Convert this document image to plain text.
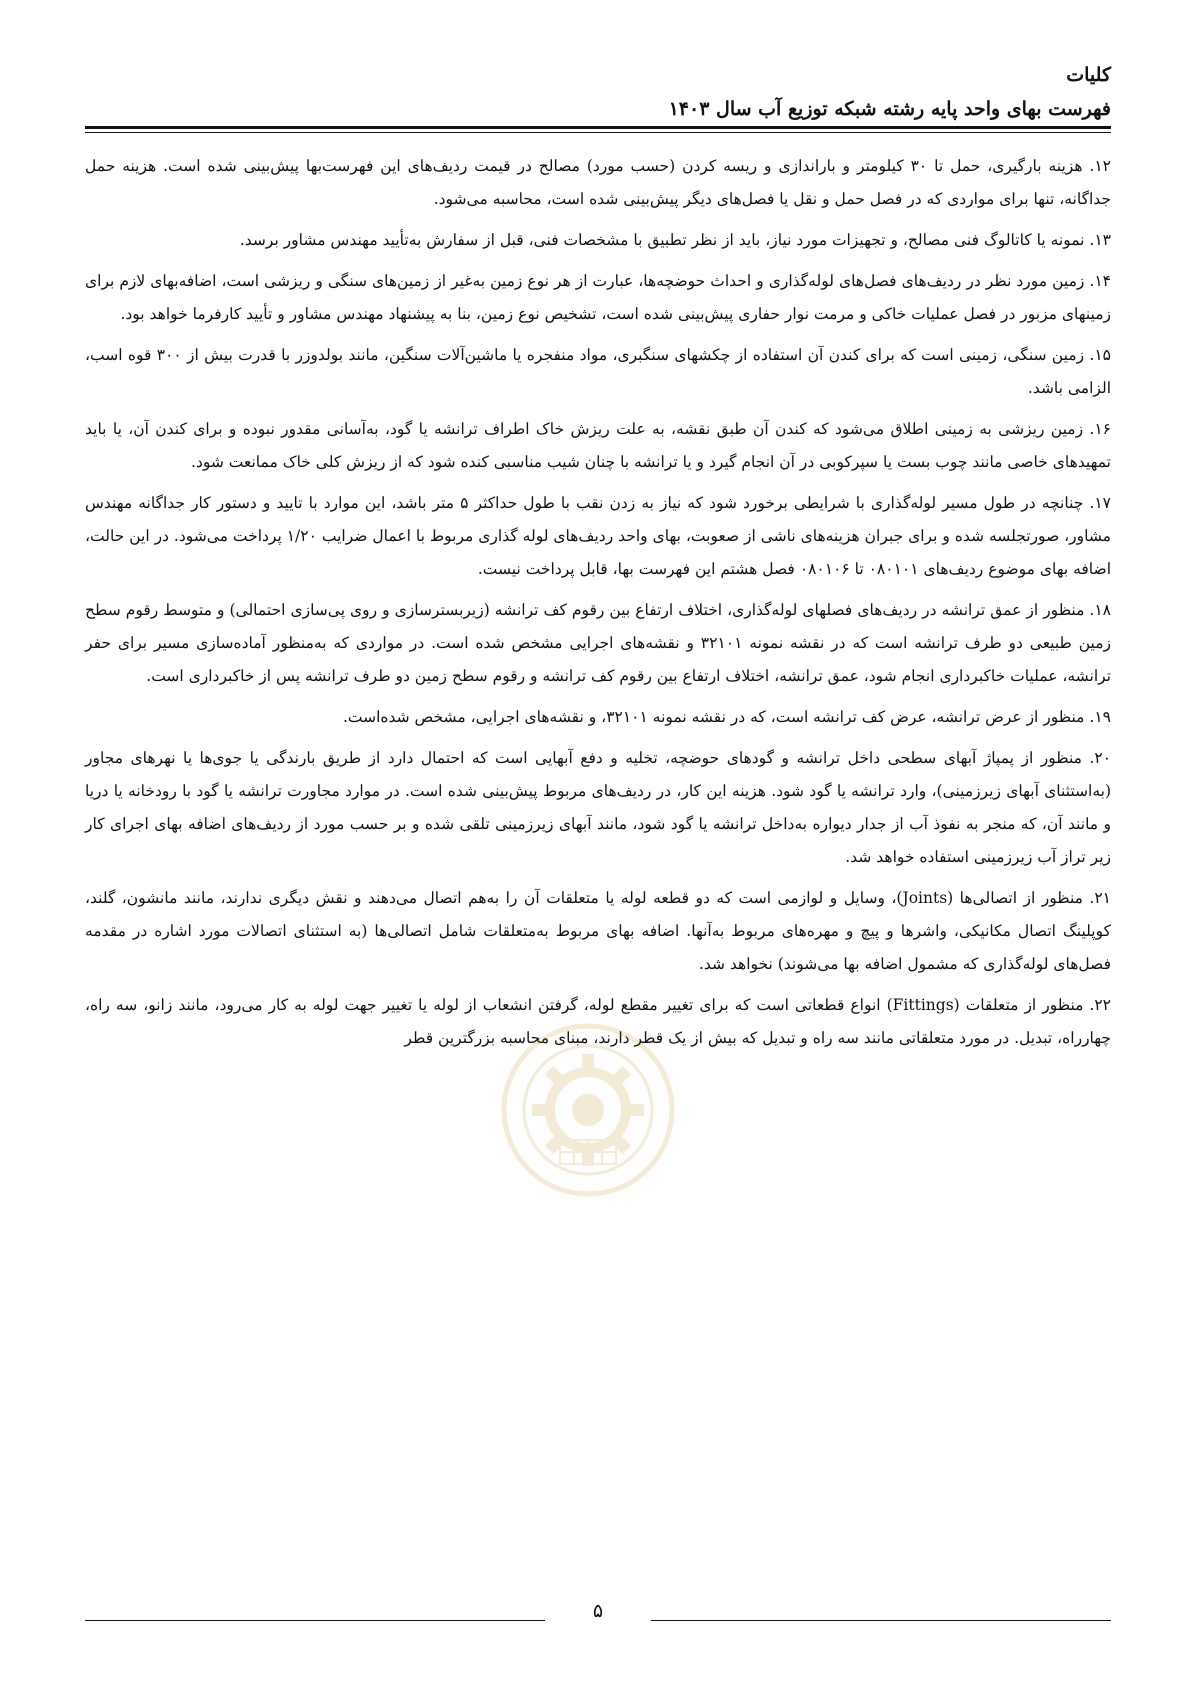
کلیات
فهرست بهای واحد پایه رشته شبکه توزیع آب سال ۱۴۰۳

۱۲. هزینه بارگیری، حمل تا ۳۰ کیلومتر و باراندازی و ریسه کردن (حسب مورد) مصالح در قیمت ردیف‌های این فهرست‌بها پیش‌بینی شده است. هزینه حمل جداگانه، تنها برای مواردی که در فصل حمل و نقل یا فصل‌های دیگر پیش‌بینی شده است، محاسبه می‌شود.

۱۳. نمونه یا کاتالوگ فنی مصالح، و تجهیزات مورد نیاز، باید از نظر تطبیق با مشخصات فنی، قبل از سفارش به‌تأیید مهندس مشاور برسد.

۱۴. زمین مورد نظر در ردیف‌های فصل‌های لوله‌گذاری و احداث حوضچه‌ها، عبارت از هر نوع زمین به‌غیر از زمین‌های سنگی و ریزشی است، اضافه‌بهای لازم برای زمینهای مزبور در فصل عملیات خاکی و مرمت نوار حفاری پیش‌بینی شده است، تشخیص نوع زمین، بنا به پیشنهاد مهندس مشاور و تأیید کارفرما خواهد بود.

۱۵. زمین سنگی، زمینی است که برای کندن آن استفاده از چکشهای سنگبری، مواد منفجره یا ماشین‌آلات سنگین، مانند بولدوزر با قدرت بیش از ۳۰۰ قوه اسب، الزامی باشد.

۱۶. زمین ریزشی به زمینی اطلاق می‌شود که کندن آن طبق نقشه، به علت ریزش خاک اطراف ترانشه یا گود، به‌آسانی مقدور نبوده و برای کندن آن، یا باید تمهیدهای خاصی مانند چوب بست یا سپرکوبی در آن انجام گیرد و یا ترانشه با چنان شیب مناسبی کنده شود که از ریزش کلی خاک ممانعت شود.

۱۷. چنانچه در طول مسیر لوله‌گذاری با شرایطی برخورد شود که نیاز به زدن نقب با طول حداکثر ۵ متر باشد، این موارد با تایید و دستور کار جداگانه مهندس مشاور، صورتجلسه شده و برای جبران هزینه‌های ناشی از صعوبت، بهای واحد ردیف‌های لوله گذاری مربوط با اعمال ضرایب ۱/۲۰ پرداخت می‌شود. در این حالت، اضافه بهای موضوع ردیف‌های ۰۸۰۱۰۱ تا ۰۸۰۱۰۶ فصل هشتم این فهرست بها، قابل پرداخت نیست.

۱۸. منظور از عمق ترانشه در ردیف‌های فصلهای لوله‌گذاری، اختلاف ارتفاع بین رقوم کف ترانشه (زیربسترسازی و روی پی‌سازی احتمالی) و متوسط رقوم سطح زمین طبیعی دو طرف ترانشه است که در نقشه نمونه ۳۲۱۰۱ و نقشه‌های اجرایی مشخص شده است. در مواردی که به‌منظور آماده‌سازی مسیر برای حفر ترانشه، عملیات خاکبرداری انجام شود، عمق ترانشه، اختلاف ارتفاع بین رقوم کف ترانشه و رقوم سطح زمین دو طرف ترانشه پس از خاکبرداری است.

۱۹. منظور از عرض ترانشه، عرض کف ترانشه است، که در نقشه نمونه ۳۲۱۰۱، و نقشه‌های اجرایی، مشخص شده‌است.

۲۰. منظور از پمپاژ آبهای سطحی داخل ترانشه و گودهای حوضچه، تخلیه و دفع آبهایی است که احتمال دارد از طریق بارندگی یا جوی‌ها یا نهرهای مجاور (به‌استثنای آبهای زیرزمینی)، وارد ترانشه یا گود شود. هزینه این کار، در ردیف‌های مربوط پیش‌بینی شده است. در موارد مجاورت ترانشه یا گود با رودخانه یا دریا و مانند آن، که منجر به نفوذ آب از جدار دیواره به‌داخل ترانشه یا گود شود، مانند آبهای زیرزمینی تلقی شده و بر حسب مورد از ردیف‌های اضافه بهای اجرای کار زیر تراز آب زیرزمینی استفاده خواهد شد.

۲۱. منظور از اتصالی‌ها (Joints)، وسایل و لوازمی است که دو قطعه لوله یا متعلقات آن را به‌هم اتصال می‌دهند و نقش دیگری ندارند، مانند مانشون، گلند، کوپلینگ اتصال مکانیکی، واشرها و پیچ و مهره‌های مربوط به‌آنها. اضافه بهای مربوط به‌متعلقات شامل اتصالی‌ها (به استثنای اتصالات مورد اشاره در مقدمه فصل‌های لوله‌گذاری که مشمول اضافه بها می‌شوند) نخواهد شد.

۲۲. منظور از متعلقات (Fittings) انواع قطعاتی است که برای تغییر مقطع لوله، گرفتن انشعاب از لوله یا تغییر جهت لوله به کار می‌رود، مانند زانو، سه راه، چهارراه، تبدیل. در مورد متعلقاتی مانند سه راه و تبدیل که بیش از یک قطر دارند، مبنای محاسبه بزرگترین قطر

۵
